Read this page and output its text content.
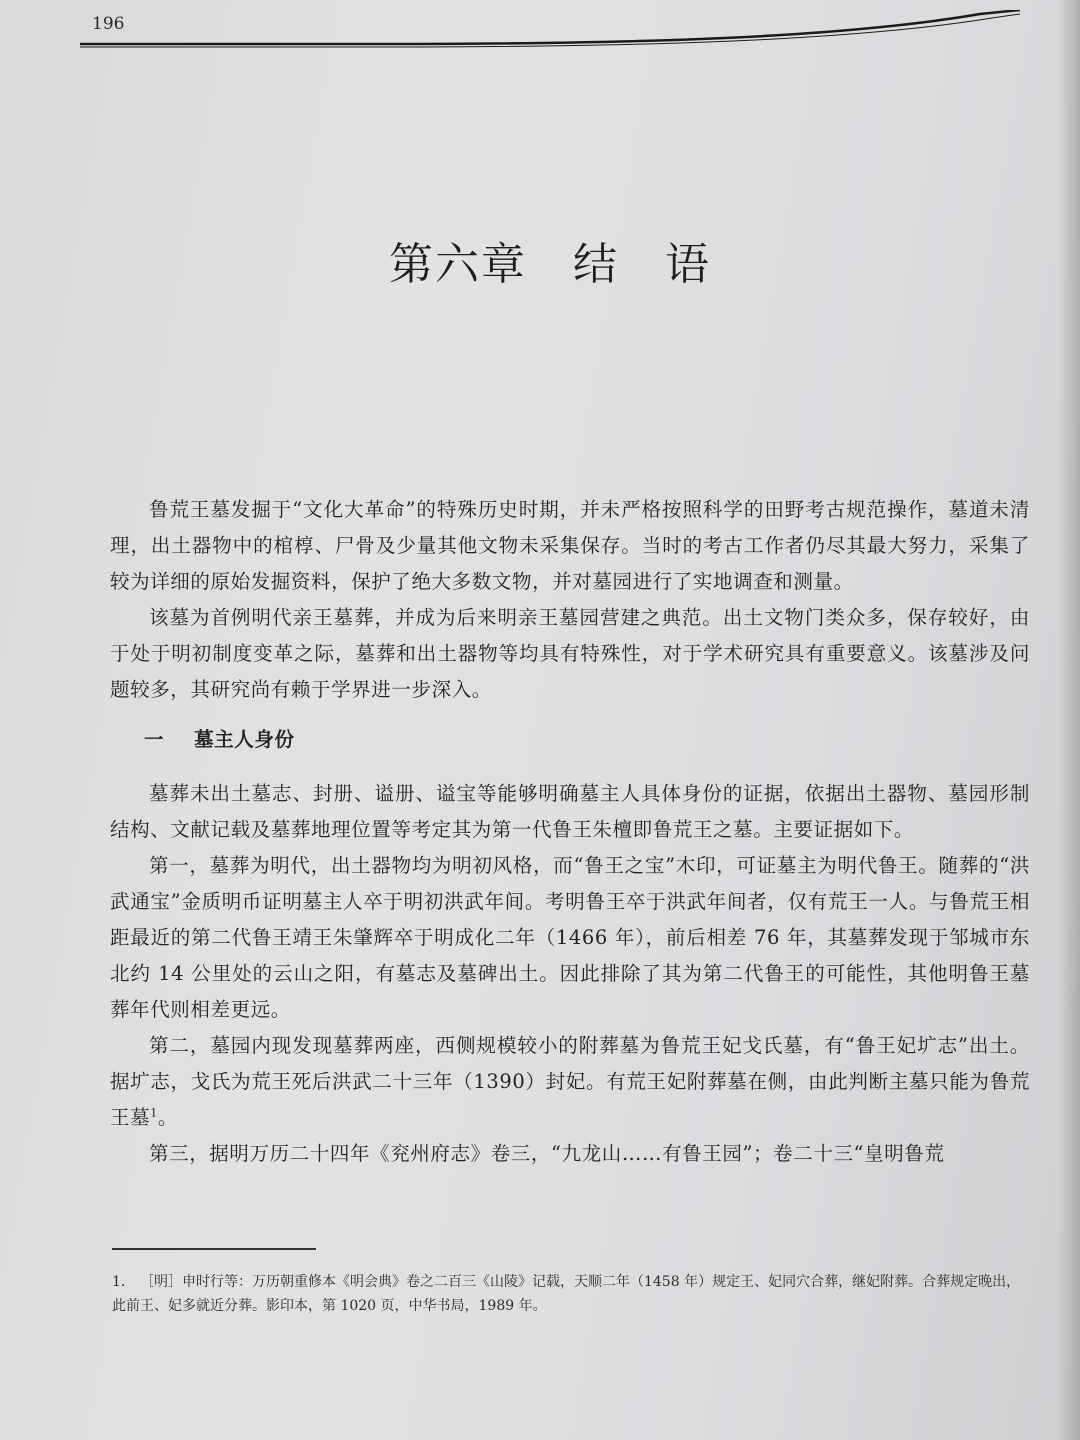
196
第六章　结　语

鲁荒王墓发掘于“文化大革命”的特殊历史时期，并未严格按照科学的田野考古规范操作，墓道未清理，出土器物中的棺椁、尸骨及少量其他文物未采集保存。当时的考古工作者仍尽其最大努力，采集了较为详细的原始发掘资料，保护了绝大多数文物，并对墓园进行了实地调查和测量。

该墓为首例明代亲王墓葬，并成为后来明亲王墓园营建之典范。出土文物门类众多，保存较好，由于处于明初制度变革之际，墓葬和出土器物等均具有特殊性，对于学术研究具有重要意义。该墓涉及问题较多，其研究尚有赖于学界进一步深入。

一 墓主人身份

墓葬未出土墓志、封册、谥册、谥宝等能够明确墓主人具体身份的证据，依据出土器物、墓园形制结构、文献记载及墓葬地理位置等考定其为第一代鲁王朱檀即鲁荒王之墓。主要证据如下。

第一，墓葬为明代，出土器物均为明初风格，而“鲁王之宝”木印，可证墓主为明代鲁王。随葬的“洪武通宝”金质明币证明墓主人卒于明初洪武年间。考明鲁王卒于洪武年间者，仅有荒王一人。与鲁荒王相距最近的第二代鲁王靖王朱肇辉卒于明成化二年（1466 年），前后相差 76 年，其墓葬发现于邹城市东北约 14 公里处的云山之阳，有墓志及墓碑出土。因此排除了其为第二代鲁王的可能性，其他明鲁王墓葬年代则相差更远。

第二，墓园内现发现墓葬两座，西侧规模较小的附葬墓为鲁荒王妃戈氏墓，有“鲁王妃圹志”出土。据圹志，戈氏为荒王死后洪武二十三年（1390）封妃。有荒王妃附葬墓在侧，由此判断主墓只能为鲁荒王墓$^1$。

第三，据明万历二十四年《兖州府志》卷三，“九龙山……有鲁王园”；卷二十三“皇明鲁荒

1. ［明］申时行等：万历朝重修本《明会典》卷之二百三《山陵》记载，天顺二年（1458 年）规定王、妃同穴合葬，继妃附葬。合葬规定晚出，此前王、妃多就近分葬。影印本，第 1020 页，中华书局，1989 年。
